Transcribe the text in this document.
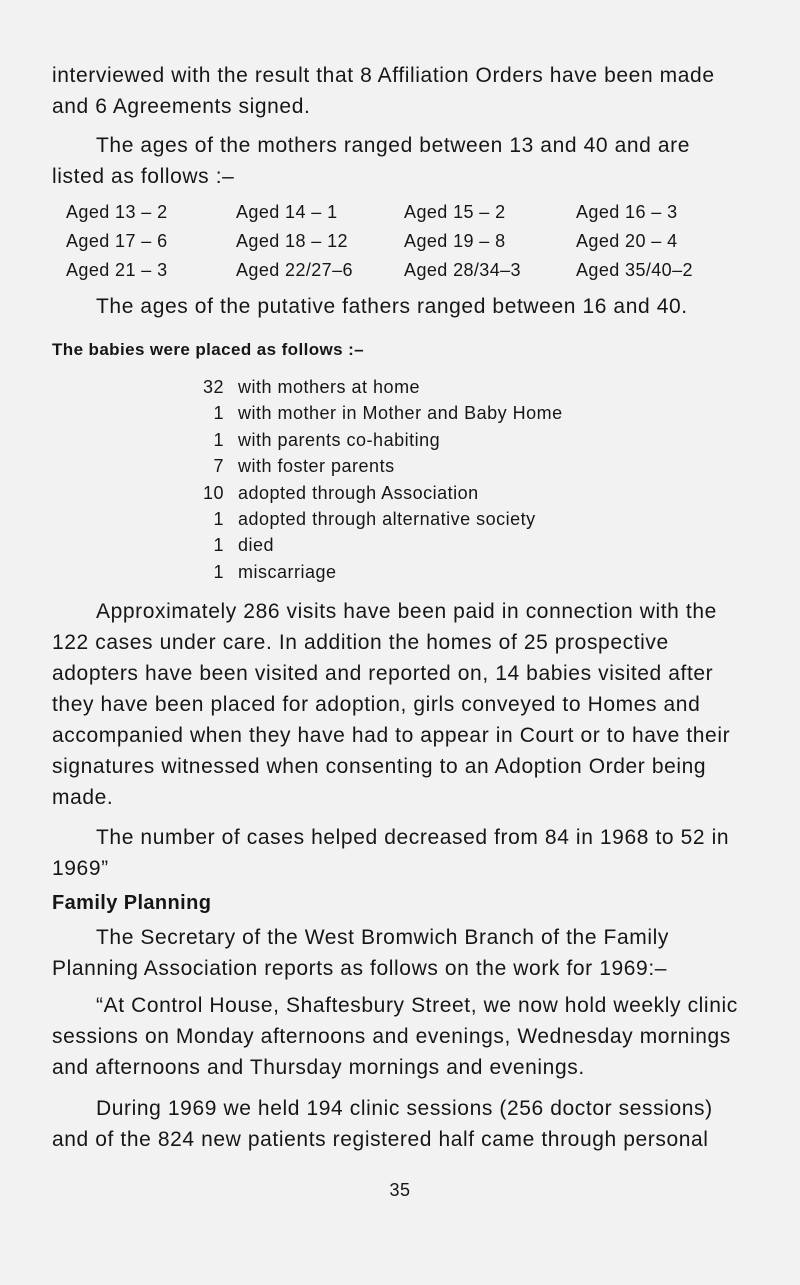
interviewed with the result that 8 Affiliation Orders have been made and 6 Agreements signed.

The ages of the mothers ranged between 13 and 40 and are listed as follows :–

Aged 13 – 2	Aged 14 – 1	Aged 15 – 2	Aged 16 – 3
Aged 17 – 6	Aged 18 – 12	Aged 19 – 8	Aged 20 – 4
Aged 21 – 3	Aged 22/27–6	Aged 28/34–3	Aged 35/40–2

The ages of the putative fathers ranged between 16 and 40.

The babies were placed as follows :–
32 with mothers at home
1 with mother in Mother and Baby Home
1 with parents co-habiting
7 with foster parents
10 adopted through Association
1 adopted through alternative society
1 died
1 miscarriage

Approximately 286 visits have been paid in connection with the 122 cases under care. In addition the homes of 25 prospective adopters have been visited and reported on, 14 babies visited after they have been placed for adoption, girls conveyed to Homes and accompanied when they have had to appear in Court or to have their signatures witnessed when consenting to an Adoption Order being made.

The number of cases helped decreased from 84 in 1968 to 52 in 1969”

Family Planning

The Secretary of the West Bromwich Branch of the Family Planning Association reports as follows on the work for 1969:–

“At Control House, Shaftesbury Street, we now hold weekly clinic sessions on Monday afternoons and evenings, Wednesday mornings and afternoons and Thursday mornings and evenings.

During 1969 we held 194 clinic sessions (256 doctor sessions) and of the 824 new patients registered half came through personal

35
